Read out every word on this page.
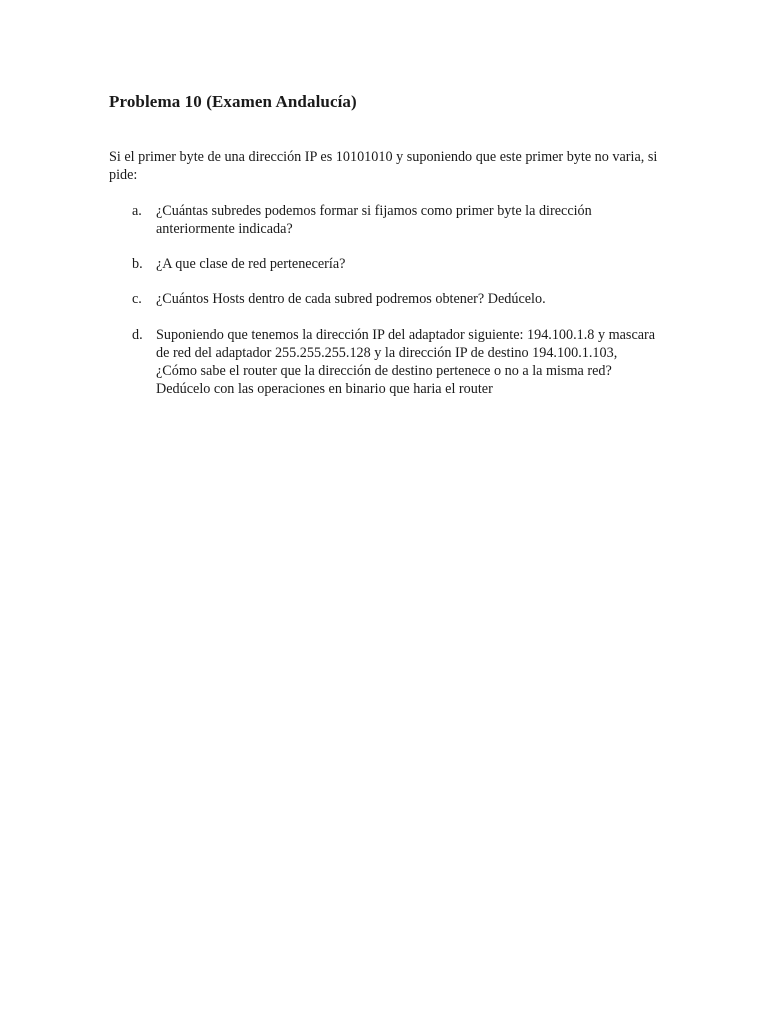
Problema 10 (Examen Andalucía)

Si el primer byte de una dirección IP es 10101010 y suponiendo que este primer byte no varia, si pide:

a. ¿Cuántas subredes podemos formar si fijamos como primer byte la dirección anteriormente indicada?
b. ¿A que clase de red pertenecería?
c. ¿Cuántos Hosts dentro de cada subred podremos obtener? Dedúcelo.
d. Suponiendo que tenemos la dirección IP del adaptador siguiente: 194.100.1.8 y mascara de red del adaptador 255.255.255.128 y la dirección IP de destino 194.100.1.103, ¿Cómo sabe el router que la dirección de destino pertenece o no a la misma red? Dedúcelo con las operaciones en binario que haria el router
